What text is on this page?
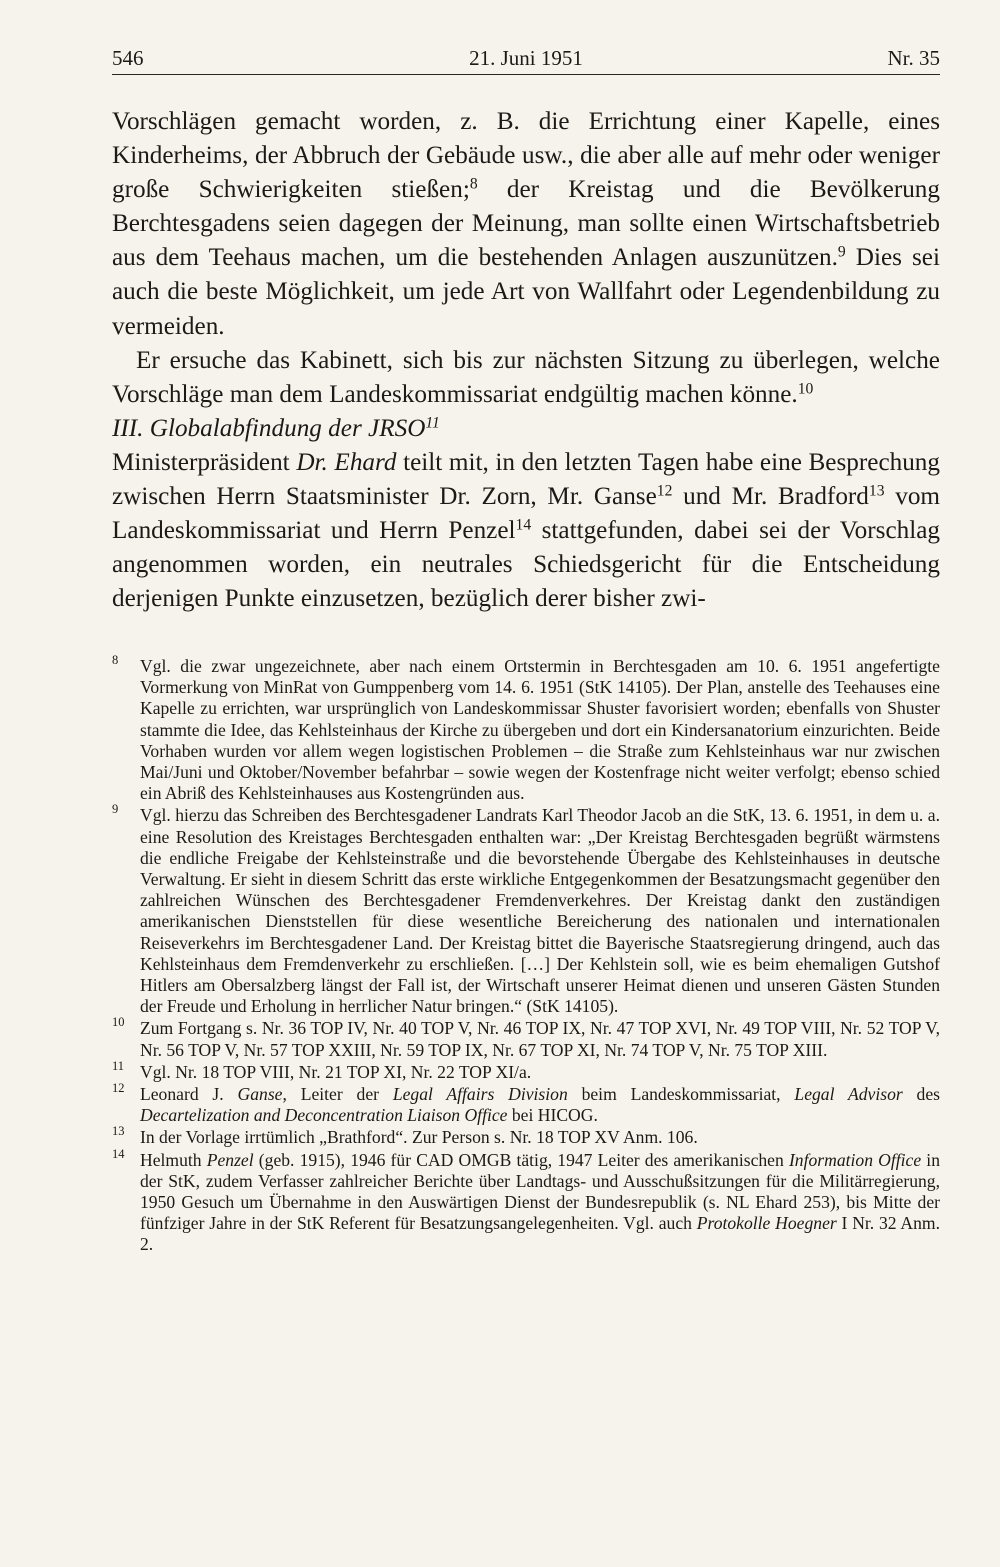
546	21. Juni 1951	Nr. 35

Vorschlägen gemacht worden, z. B. die Errichtung einer Kapelle, eines Kinderheims, der Abbruch der Gebäude usw., die aber alle auf mehr oder weniger große Schwierigkeiten stießen;$^8$ der Kreistag und die Bevölkerung Berchtesgadens seien dagegen der Meinung, man sollte einen Wirtschaftsbetrieb aus dem Teehaus machen, um die bestehenden Anlagen auszunützen.$^9$ Dies sei auch die beste Möglichkeit, um jede Art von Wallfahrt oder Legendenbildung zu vermeiden.

Er ersuche das Kabinett, sich bis zur nächsten Sitzung zu überlegen, welche Vorschläge man dem Landeskommissariat endgültig machen könne.$^{10}$

III. Globalabfindung der JRSO$^{11}$

Ministerpräsident Dr. Ehard teilt mit, in den letzten Tagen habe eine Besprechung zwischen Herrn Staatsminister Dr. Zorn, Mr. Ganse$^{12}$ und Mr. Bradford$^{13}$ vom Landeskommissariat und Herrn Penzel$^{14}$ stattgefunden, dabei sei der Vorschlag angenommen worden, ein neutrales Schiedsgericht für die Entscheidung derjenigen Punkte einzusetzen, bezüglich derer bisher zwi-

8 Vgl. die zwar ungezeichnete, aber nach einem Ortstermin in Berchtesgaden am 10. 6. 1951 angefertigte Vormerkung von MinRat von Gumppenberg vom 14. 6. 1951 (StK 14105). Der Plan, anstelle des Teehauses eine Kapelle zu errichten, war ursprünglich von Landeskommissar Shuster favorisiert worden; ebenfalls von Shuster stammte die Idee, das Kehlsteinhaus der Kirche zu übergeben und dort ein Kindersanatorium einzurichten. Beide Vorhaben wurden vor allem wegen logistischen Problemen – die Straße zum Kehlsteinhaus war nur zwischen Mai/Juni und Oktober/November befahrbar – sowie wegen der Kostenfrage nicht weiter verfolgt; ebenso schied ein Abriß des Kehlsteinhauses aus Kostengründen aus.
9 Vgl. hierzu das Schreiben des Berchtesgadener Landrats Karl Theodor Jacob an die StK, 13. 6. 1951, in dem u. a. eine Resolution des Kreistages Berchtesgaden enthalten war: „Der Kreistag Berchtesgaden begrüßt wärmstens die endliche Freigabe der Kehlsteinstraße und die bevorstehende Übergabe des Kehlsteinhauses in deutsche Verwaltung. Er sieht in diesem Schritt das erste wirkliche Entgegenkommen der Besatzungsmacht gegenüber den zahlreichen Wünschen des Berchtesgadener Fremdenverkehres. Der Kreistag dankt den zuständigen amerikanischen Dienststellen für diese wesentliche Bereicherung des nationalen und internationalen Reiseverkehrs im Berchtesgadener Land. Der Kreistag bittet die Bayerische Staatsregierung dringend, auch das Kehlsteinhaus dem Fremdenverkehr zu erschließen. […] Der Kehlstein soll, wie es beim ehemaligen Gutshof Hitlers am Obersalzberg längst der Fall ist, der Wirtschaft unserer Heimat dienen und unseren Gästen Stunden der Freude und Erholung in herrlicher Natur bringen.“ (StK 14105).
10 Zum Fortgang s. Nr. 36 TOP IV, Nr. 40 TOP V, Nr. 46 TOP IX, Nr. 47 TOP XVI, Nr. 49 TOP VIII, Nr. 52 TOP V, Nr. 56 TOP V, Nr. 57 TOP XXIII, Nr. 59 TOP IX, Nr. 67 TOP XI, Nr. 74 TOP V, Nr. 75 TOP XIII.
11 Vgl. Nr. 18 TOP VIII, Nr. 21 TOP XI, Nr. 22 TOP XI/a.
12 Leonard J. Ganse, Leiter der Legal Affairs Division beim Landeskommissariat, Legal Advisor des Decartelization and Deconcentration Liaison Office bei HICOG.
13 In der Vorlage irrtümlich „Brathford“. Zur Person s. Nr. 18 TOP XV Anm. 106.
14 Helmuth Penzel (geb. 1915), 1946 für CAD OMGB tätig, 1947 Leiter des amerikanischen Information Office in der StK, zudem Verfasser zahlreicher Berichte über Landtags- und Ausschußsitzungen für die Militärregierung, 1950 Gesuch um Übernahme in den Auswärtigen Dienst der Bundesrepublik (s. NL Ehard 253), bis Mitte der fünfziger Jahre in der StK Referent für Besatzungsangelegenheiten. Vgl. auch Protokolle Hoegner I Nr. 32 Anm. 2.
